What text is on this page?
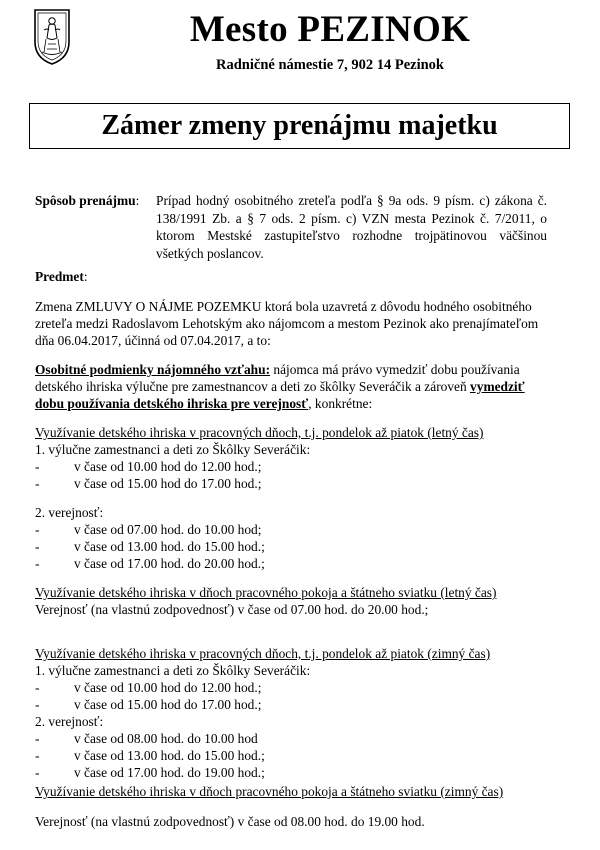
Mesto PEZINOK
Radničné námestie 7, 902 14 Pezinok
Zámer zmeny prenájmu majetku
Spôsob prenájmu: Prípad hodný osobitného zreteľa podľa § 9a ods. 9 písm. c) zákona č. 138/1991 Zb. a § 7 ods. 2 písm. c) VZN mesta Pezinok č. 7/2011, o ktorom Mestské zastupiteľstvo rozhodne trojpätinovou väčšinou všetkých poslancov.
Predmet:
Zmena ZMLUVY O NÁJME POZEMKU ktorá bola uzavretá z dôvodu hodného osobitného
zreteľa medzi Radoslavom Lehotským ako nájomcom a mestom Pezinok ako prenajímateľom
dňa 06.04.2017, účinná od 07.04.2017, a to:
Osobitné podmienky nájomného vzťahu: nájomca má právo vymedziť dobu používania
detského ihriska výlučne pre zamestnancov a deti zo škôlky Severáčik a zároveň vymedziť
dobu používania detského ihriska pre verejnosť, konkrétne:
Využívanie detského ihriska v pracovných dňoch, t.j. pondelok až piatok (letný čas)
1. výlučne zamestnanci a deti zo Škôlky Severáčik:
-	v čase od 10.00 hod do 12.00 hod.;
-	v čase od 15.00 hod do 17.00 hod.;
2. verejnosť:
-	v čase od 07.00 hod. do 10.00 hod;
-	v čase od 13.00 hod. do 15.00 hod.;
-	v čase od 17.00 hod. do 20.00 hod.;
Využívanie detského ihriska v dňoch pracovného pokoja a štátneho sviatku (letný čas)
Verejnosť (na vlastnú zodpovednosť) v čase od 07.00 hod. do 20.00 hod.;
Využívanie detského ihriska v pracovných dňoch, t.j. pondelok až piatok (zimný čas)
1. výlučne zamestnanci a deti zo Škôlky Severáčik:
-	v čase od 10.00 hod do 12.00 hod.;
-	v čase od 15.00 hod do 17.00 hod.;
2. verejnosť:
-	v čase od 08.00 hod. do 10.00 hod
-	v čase od 13.00 hod. do 15.00 hod.;
-	v čase od 17.00 hod. do 19.00 hod.;
Využívanie detského ihriska v dňoch pracovného pokoja a štátneho sviatku (zimný čas)
Verejnosť (na vlastnú zodpovednosť) v čase od 08.00 hod. do 19.00 hod.
